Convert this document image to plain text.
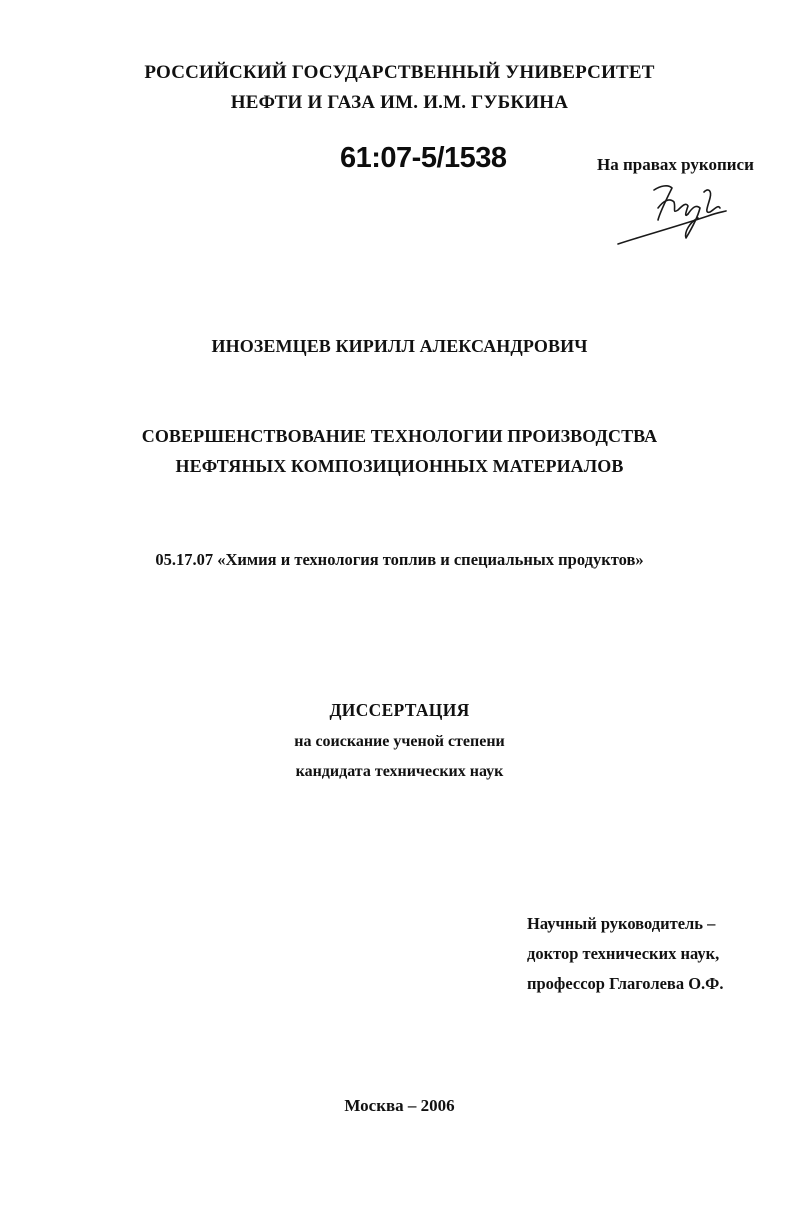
РОССИЙСКИЙ ГОСУДАРСТВЕННЫЙ УНИВЕРСИТЕТ
НЕФТИ И ГАЗА ИМ. И.М. ГУБКИНА
61:07-5/1538	На правах рукописи
ИНОЗЕМЦЕВ КИРИЛЛ АЛЕКСАНДРОВИЧ
СОВЕРШЕНСТВОВАНИЕ ТЕХНОЛОГИИ ПРОИЗВОДСТВА
НЕФТЯНЫХ КОМПОЗИЦИОННЫХ МАТЕРИАЛОВ
05.17.07 «Химия и технология топлив и специальных продуктов»
ДИССЕРТАЦИЯ
на соискание ученой степени
кандидата технических наук
Научный руководитель –
доктор технических наук,
профессор Глаголева О.Ф.
Москва – 2006
